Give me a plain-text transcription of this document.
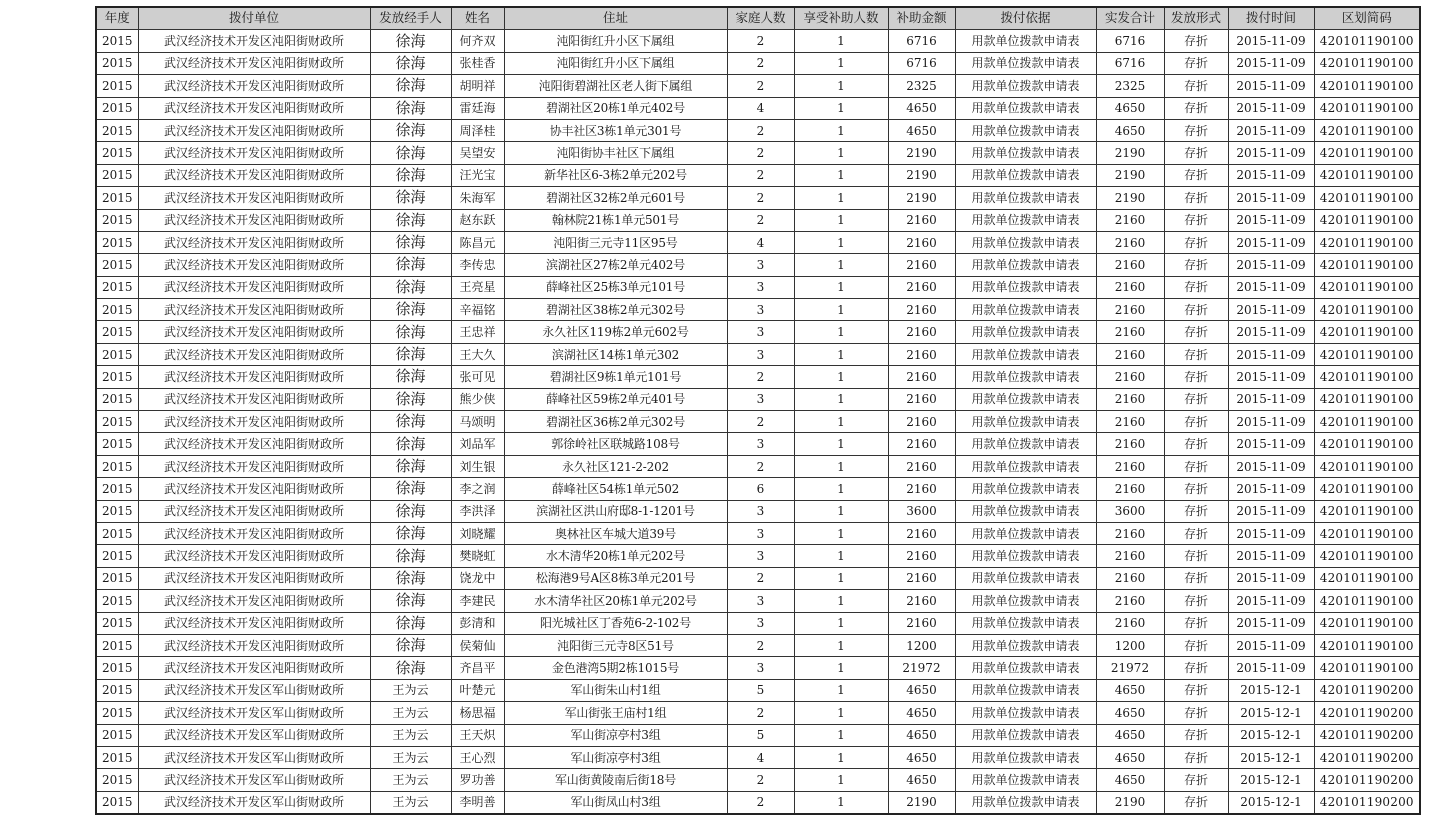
年度	拨付单位	发放经手人	姓名	住址	家庭人数	享受补助人数	补助金额	拨付依据	实发合计	发放形式	拨付时间	区划简码
2015	武汉经济技术开发区沌阳街财政所	徐海	何齐双	沌阳街红升小区下属组	2	1	6716	用款单位拨款申请表	6716	存折	2015-11-09	420101190100
2015	武汉经济技术开发区沌阳街财政所	徐海	张桂香	沌阳街红升小区下属组	2	1	6716	用款单位拨款申请表	6716	存折	2015-11-09	420101190100
2015	武汉经济技术开发区沌阳街财政所	徐海	胡明祥	沌阳街碧湖社区老人街下属组	2	1	2325	用款单位拨款申请表	2325	存折	2015-11-09	420101190100
2015	武汉经济技术开发区沌阳街财政所	徐海	雷廷海	碧湖社区20栋1单元402号	4	1	4650	用款单位拨款申请表	4650	存折	2015-11-09	420101190100
2015	武汉经济技术开发区沌阳街财政所	徐海	周泽桂	协丰社区3栋1单元301号	2	1	4650	用款单位拨款申请表	4650	存折	2015-11-09	420101190100
2015	武汉经济技术开发区沌阳街财政所	徐海	吴望安	沌阳街协丰社区下属组	2	1	2190	用款单位拨款申请表	2190	存折	2015-11-09	420101190100
2015	武汉经济技术开发区沌阳街财政所	徐海	汪光宝	新华社区6-3栋2单元202号	2	1	2190	用款单位拨款申请表	2190	存折	2015-11-09	420101190100
2015	武汉经济技术开发区沌阳街财政所	徐海	朱海军	碧湖社区32栋2单元601号	2	1	2190	用款单位拨款申请表	2190	存折	2015-11-09	420101190100
2015	武汉经济技术开发区沌阳街财政所	徐海	赵东跃	翰林院21栋1单元501号	2	1	2160	用款单位拨款申请表	2160	存折	2015-11-09	420101190100
2015	武汉经济技术开发区沌阳街财政所	徐海	陈昌元	沌阳街三元寺11区95号	4	1	2160	用款单位拨款申请表	2160	存折	2015-11-09	420101190100
2015	武汉经济技术开发区沌阳街财政所	徐海	李传忠	滨湖社区27栋2单元402号	3	1	2160	用款单位拨款申请表	2160	存折	2015-11-09	420101190100
2015	武汉经济技术开发区沌阳街财政所	徐海	王亮星	薛峰社区25栋3单元101号	3	1	2160	用款单位拨款申请表	2160	存折	2015-11-09	420101190100
2015	武汉经济技术开发区沌阳街财政所	徐海	辛福铭	碧湖社区38栋2单元302号	3	1	2160	用款单位拨款申请表	2160	存折	2015-11-09	420101190100
2015	武汉经济技术开发区沌阳街财政所	徐海	王忠祥	永久社区119栋2单元602号	3	1	2160	用款单位拨款申请表	2160	存折	2015-11-09	420101190100
2015	武汉经济技术开发区沌阳街财政所	徐海	王大久	滨湖社区14栋1单元302	3	1	2160	用款单位拨款申请表	2160	存折	2015-11-09	420101190100
2015	武汉经济技术开发区沌阳街财政所	徐海	张可见	碧湖社区9栋1单元101号	2	1	2160	用款单位拨款申请表	2160	存折	2015-11-09	420101190100
2015	武汉经济技术开发区沌阳街财政所	徐海	熊少侠	薛峰社区59栋2单元401号	3	1	2160	用款单位拨款申请表	2160	存折	2015-11-09	420101190100
2015	武汉经济技术开发区沌阳街财政所	徐海	马颂明	碧湖社区36栋2单元302号	2	1	2160	用款单位拨款申请表	2160	存折	2015-11-09	420101190100
2015	武汉经济技术开发区沌阳街财政所	徐海	刘品军	郭徐岭社区联城路108号	3	1	2160	用款单位拨款申请表	2160	存折	2015-11-09	420101190100
2015	武汉经济技术开发区沌阳街财政所	徐海	刘生银	永久社区121-2-202	2	1	2160	用款单位拨款申请表	2160	存折	2015-11-09	420101190100
2015	武汉经济技术开发区沌阳街财政所	徐海	李之润	薛峰社区54栋1单元502	6	1	2160	用款单位拨款申请表	2160	存折	2015-11-09	420101190100
2015	武汉经济技术开发区沌阳街财政所	徐海	李洪泽	滨湖社区洪山府邸8-1-1201号	3	1	3600	用款单位拨款申请表	3600	存折	2015-11-09	420101190100
2015	武汉经济技术开发区沌阳街财政所	徐海	刘晓耀	奥林社区车城大道39号	3	1	2160	用款单位拨款申请表	2160	存折	2015-11-09	420101190100
2015	武汉经济技术开发区沌阳街财政所	徐海	樊晓虹	水木清华20栋1单元202号	3	1	2160	用款单位拨款申请表	2160	存折	2015-11-09	420101190100
2015	武汉经济技术开发区沌阳街财政所	徐海	饶龙中	松海港9号A区8栋3单元201号	2	1	2160	用款单位拨款申请表	2160	存折	2015-11-09	420101190100
2015	武汉经济技术开发区沌阳街财政所	徐海	李建民	水木清华社区20栋1单元202号	3	1	2160	用款单位拨款申请表	2160	存折	2015-11-09	420101190100
2015	武汉经济技术开发区沌阳街财政所	徐海	彭清和	阳光城社区丁香苑6-2-102号	3	1	2160	用款单位拨款申请表	2160	存折	2015-11-09	420101190100
2015	武汉经济技术开发区沌阳街财政所	徐海	侯菊仙	沌阳街三元寺8区51号	2	1	1200	用款单位拨款申请表	1200	存折	2015-11-09	420101190100
2015	武汉经济技术开发区沌阳街财政所	徐海	齐昌平	金色港湾5期2栋1015号	3	1	21972	用款单位拨款申请表	21972	存折	2015-11-09	420101190100
2015	武汉经济技术开发区军山街财政所	王为云	叶楚元	军山街朱山村1组	5	1	4650	用款单位拨款申请表	4650	存折	2015-12-1	420101190200
2015	武汉经济技术开发区军山街财政所	王为云	杨思福	军山街张王庙村1组	2	1	4650	用款单位拨款申请表	4650	存折	2015-12-1	420101190200
2015	武汉经济技术开发区军山街财政所	王为云	王天炽	军山街凉亭村3组	5	1	4650	用款单位拨款申请表	4650	存折	2015-12-1	420101190200
2015	武汉经济技术开发区军山街财政所	王为云	王心烈	军山街凉亭村3组	4	1	4650	用款单位拨款申请表	4650	存折	2015-12-1	420101190200
2015	武汉经济技术开发区军山街财政所	王为云	罗功善	军山街黄陵南后街18号	2	1	4650	用款单位拨款申请表	4650	存折	2015-12-1	420101190200
2015	武汉经济技术开发区军山街财政所	王为云	李明善	军山街凤山村3组	2	1	2190	用款单位拨款申请表	2190	存折	2015-12-1	420101190200
